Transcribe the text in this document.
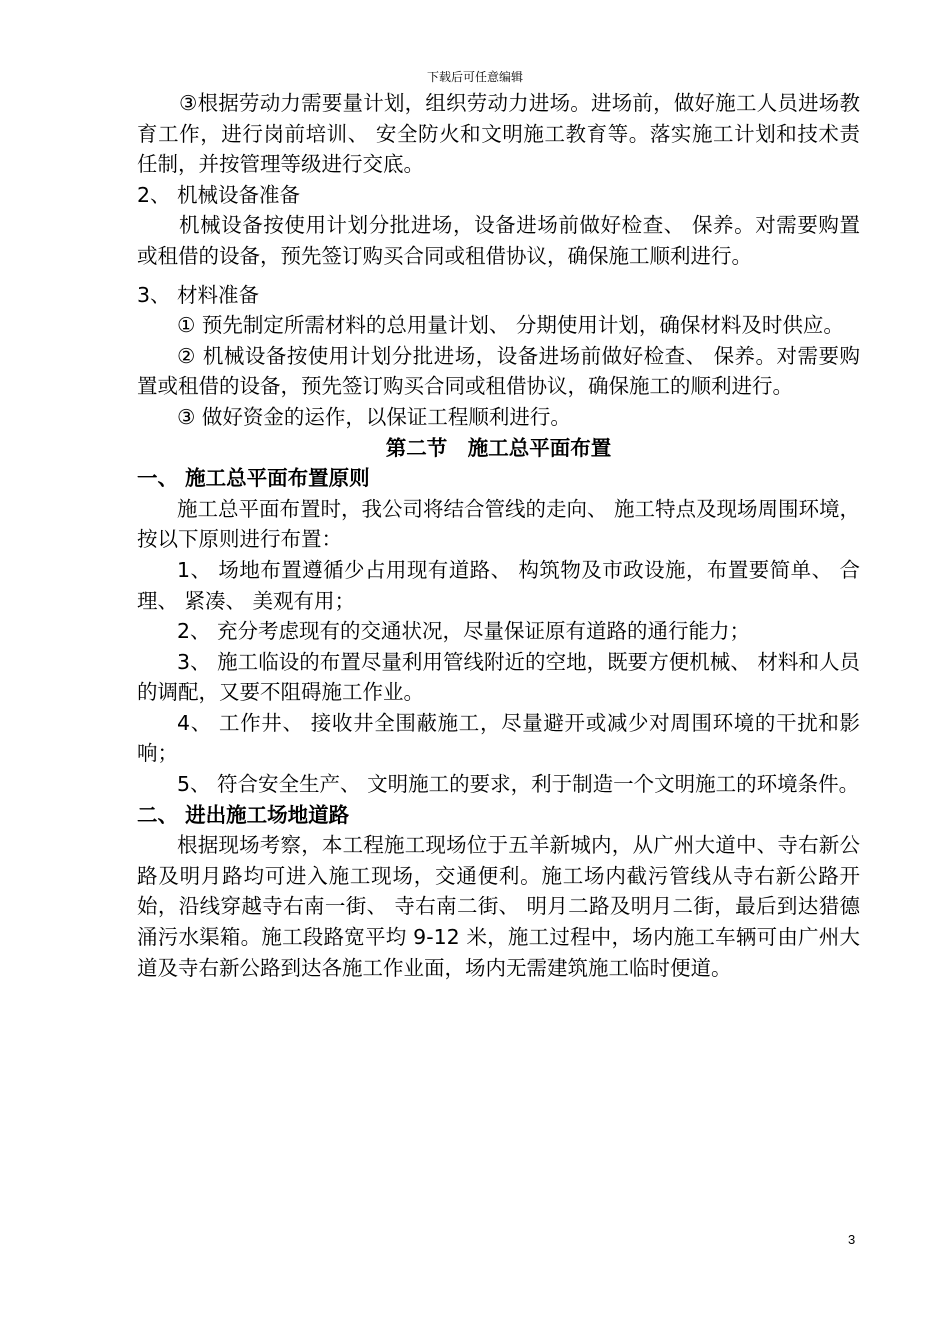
下载后可任意编辑

③根据劳动力需要量计划，组织劳动力进场。进场前，做好施工人员进场教育工作，进行岗前培训、 安全防火和文明施工教育等。落实施工计划和技术责任制，并按管理等级进行交底。

2、 机械设备准备

机械设备按使用计划分批进场，设备进场前做好检查、 保养。对需要购置或租借的设备，预先签订购买合同或租借协议，确保施工顺利进行。

3、 材料准备

① 预先制定所需材料的总用量计划、 分期使用计划，确保材料及时供应。

② 机械设备按使用计划分批进场，设备进场前做好检查、 保养。对需要购置或租借的设备，预先签订购买合同或租借协议，确保施工的顺利进行。

③ 做好资金的运作，以保证工程顺利进行。

第二节　施工总平面布置

一、 施工总平面布置原则

施工总平面布置时，我公司将结合管线的走向、 施工特点及现场周围环境，按以下原则进行布置：

1、 场地布置遵循少占用现有道路、 构筑物及市政设施，布置要简单、 合理、 紧凑、 美观有用；

2、 充分考虑现有的交通状况，尽量保证原有道路的通行能力；

3、 施工临设的布置尽量利用管线附近的空地，既要方便机械、 材料和人员的调配，又要不阻碍施工作业。

4、 工作井、 接收井全围蔽施工，尽量避开或减少对周围环境的干扰和影响；

5、 符合安全生产、 文明施工的要求，利于制造一个文明施工的环境条件。

二、 进出施工场地道路

根据现场考察，本工程施工现场位于五羊新城内，从广州大道中、寺右新公路及明月路均可进入施工现场，交通便利。施工场内截污管线从寺右新公路开始，沿线穿越寺右南一街、 寺右南二街、 明月二路及明月二街，最后到达猎德涌污水渠箱。施工段路宽平均 9-12 米，施工过程中，场内施工车辆可由广州大道及寺右新公路到达各施工作业面，场内无需建筑施工临时便道。

3
